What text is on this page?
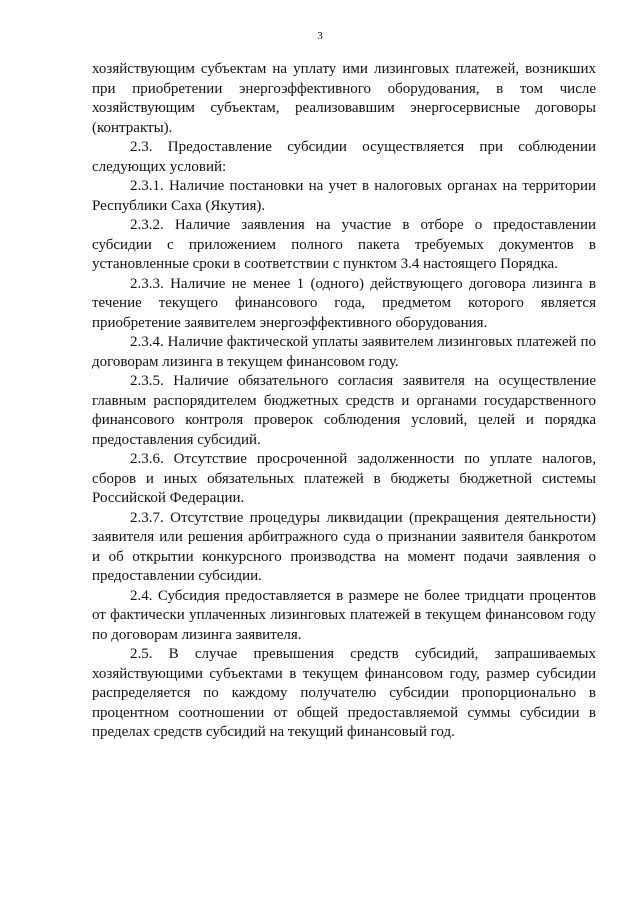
3

хозяйствующим субъектам на уплату ими лизинговых платежей, возникших при приобретении энергоэффективного оборудования, в том числе хозяйствующим субъектам, реализовавшим энергосервисные договоры (контракты).

2.3. Предоставление субсидии осуществляется при соблюдении следующих условий:

2.3.1. Наличие постановки на учет в налоговых органах на территории Республики Саха (Якутия).

2.3.2. Наличие заявления на участие в отборе о предоставлении субсидии с приложением полного пакета требуемых документов в установленные сроки в соответствии с пунктом 3.4 настоящего Порядка.

2.3.3. Наличие не менее 1 (одного) действующего договора лизинга в течение текущего финансового года, предметом которого является приобретение заявителем энергоэффективного оборудования.

2.3.4. Наличие фактической уплаты заявителем лизинговых платежей по договорам лизинга в текущем финансовом году.

2.3.5. Наличие обязательного согласия заявителя на осуществление главным распорядителем бюджетных средств и органами государственного финансового контроля проверок соблюдения условий, целей и порядка предоставления субсидий.

2.3.6. Отсутствие просроченной задолженности по уплате налогов, сборов и иных обязательных платежей в бюджеты бюджетной системы Российской Федерации.

2.3.7. Отсутствие процедуры ликвидации (прекращения деятельности) заявителя или решения арбитражного суда о признании заявителя банкротом и об открытии конкурсного производства на момент подачи заявления о предоставлении субсидии.

2.4. Субсидия предоставляется в размере не более тридцати процентов от фактически уплаченных лизинговых платежей в текущем финансовом году по договорам лизинга заявителя.

2.5. В случае превышения средств субсидий, запрашиваемых хозяйствующими субъектами в текущем финансовом году, размер субсидии распределяется по каждому получателю субсидии пропорционально в процентном соотношении от общей предоставляемой суммы субсидии в пределах средств субсидий на текущий финансовый год.
